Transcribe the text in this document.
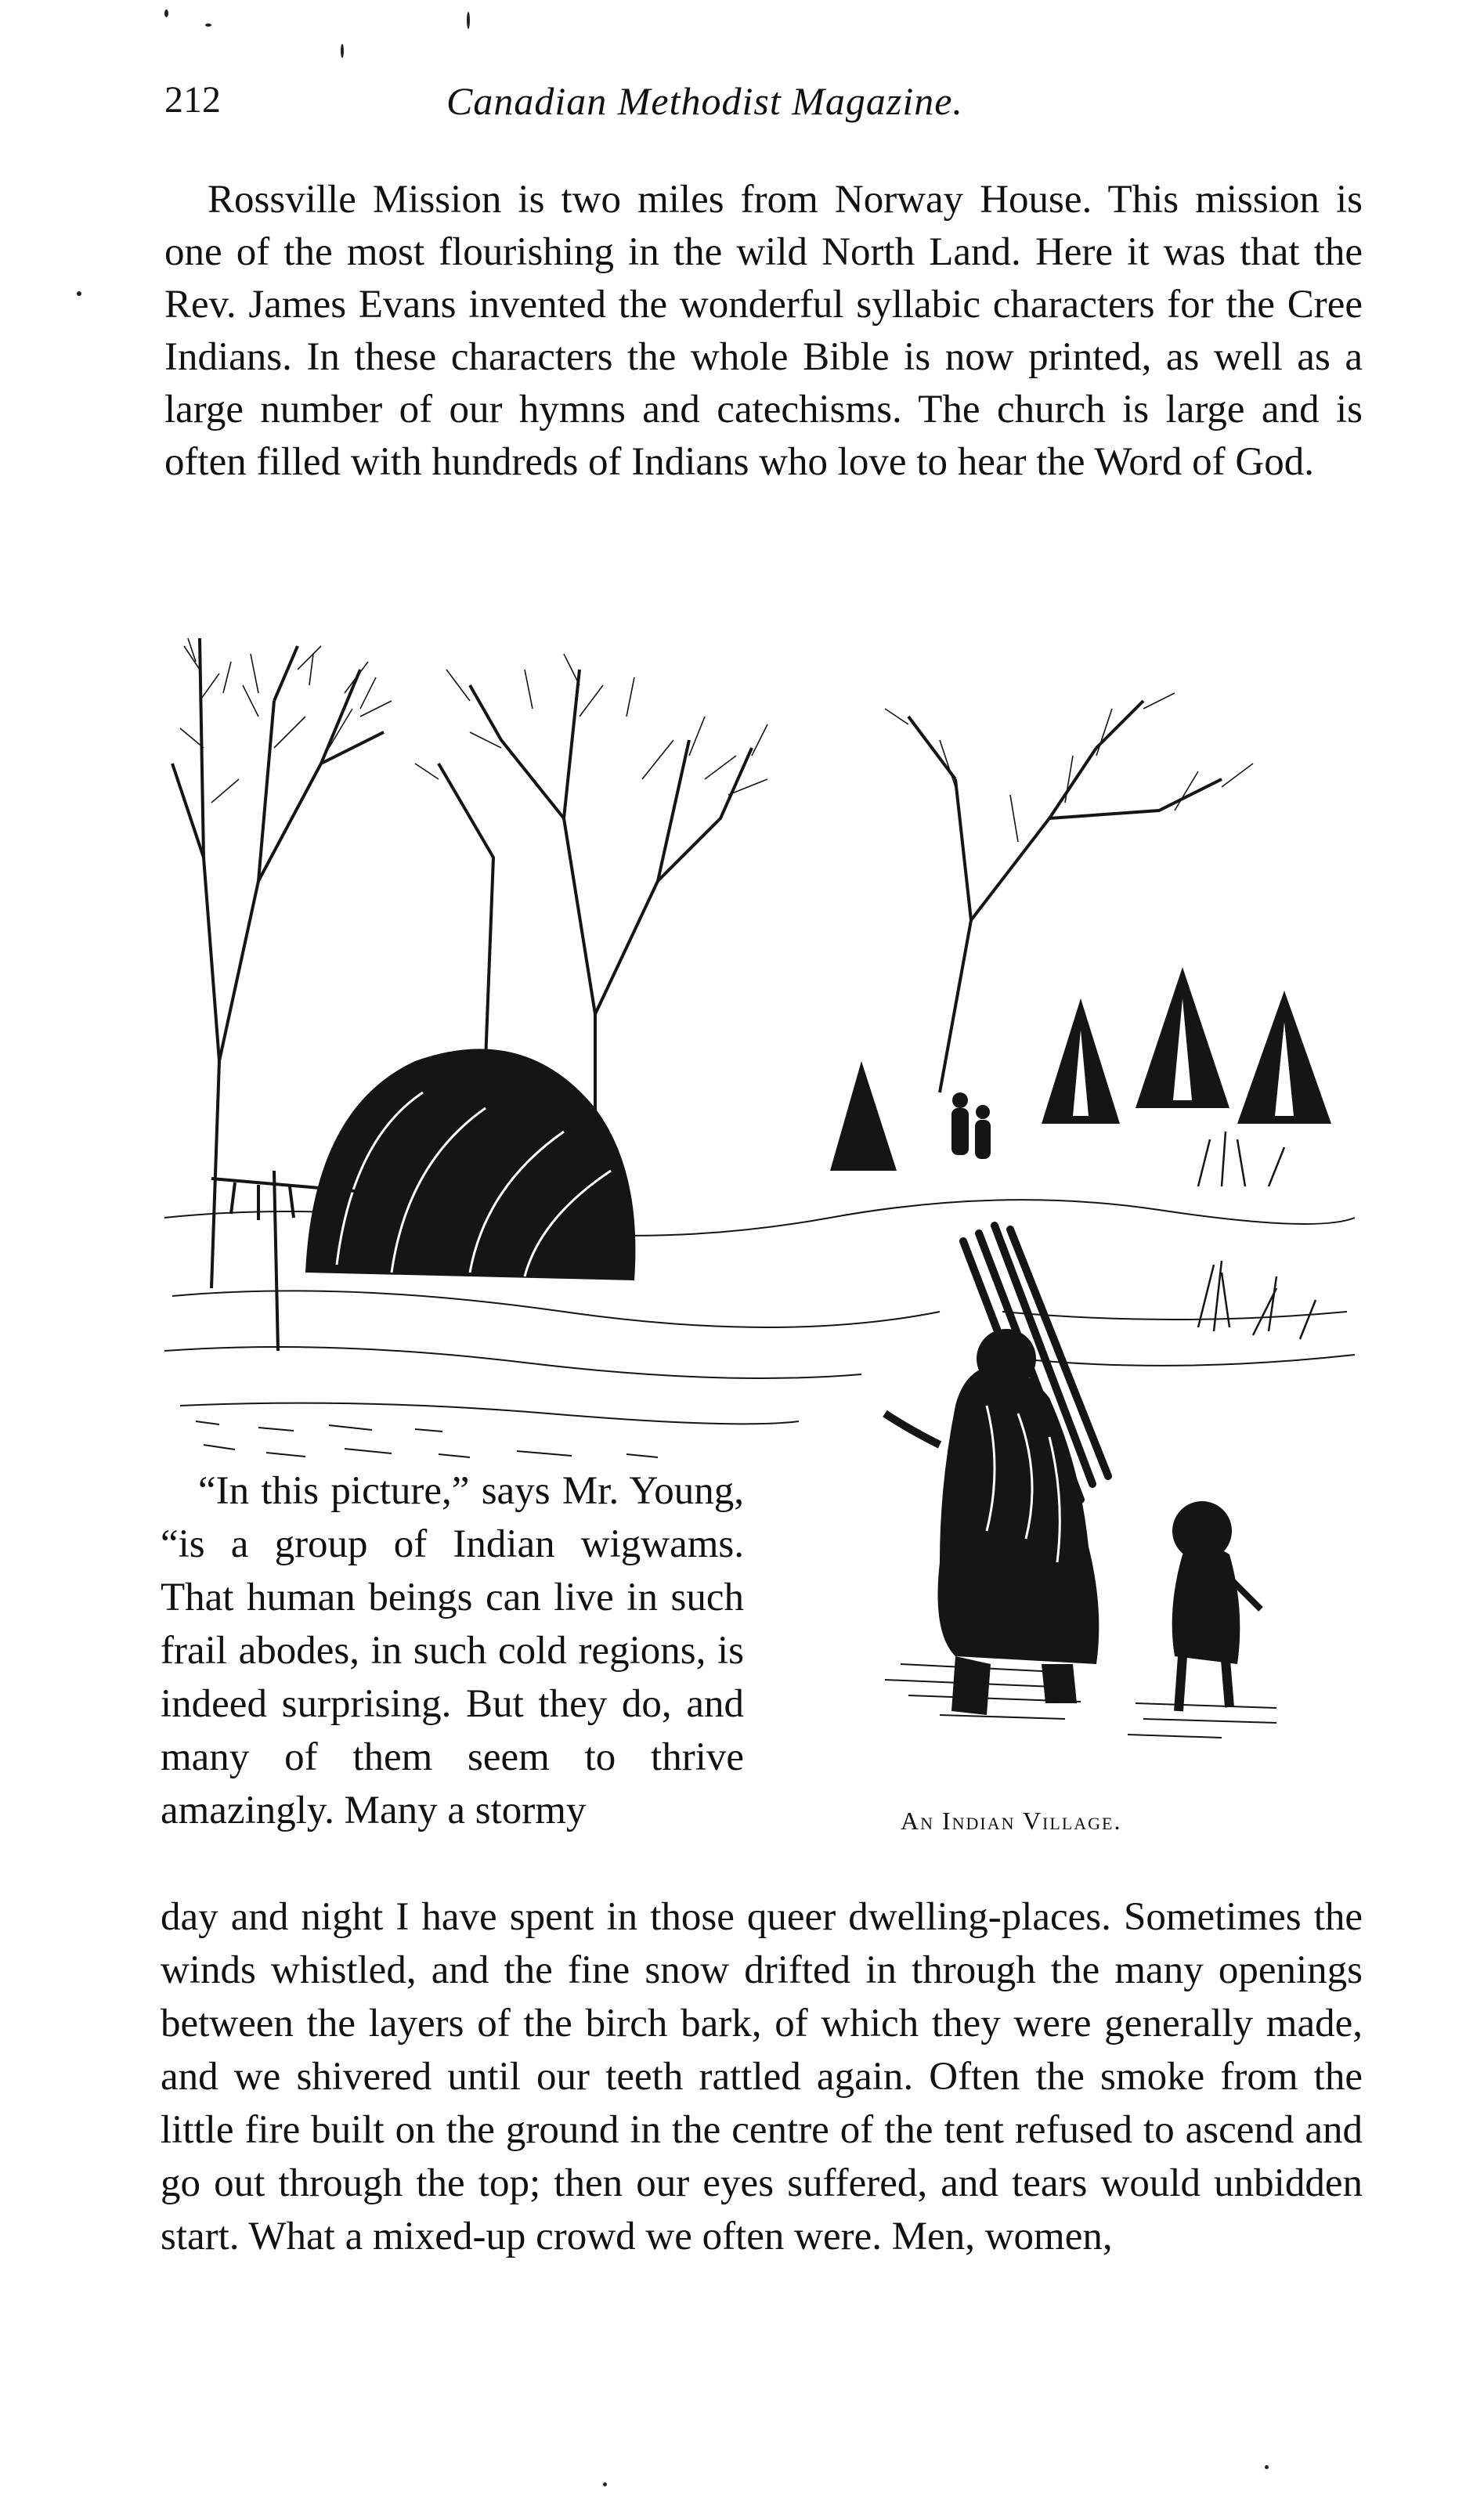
212	Canadian Methodist Magazine.

Rossville Mission is two miles from Norway House. This mission is one of the most flourishing in the wild North Land. Here it was that the Rev. James Evans invented the wonderful syllabic characters for the Cree Indians. In these characters the whole Bible is now printed, as well as a large number of our hymns and catechisms. The church is large and is often filled with hundreds of Indians who love to hear the Word of God.

An Indian Village.

“In this picture,” says Mr. Young, “is a group of Indian wigwams. That human beings can live in such frail abodes, in such cold regions, is indeed surprising. But they do, and many of them seem to thrive amazingly. Many a stormy

day and night I have spent in those queer dwelling-places. Sometimes the winds whistled, and the fine snow drifted in through the many openings between the layers of the birch bark, of which they were generally made, and we shivered until our teeth rattled again. Often the smoke from the little fire built on the ground in the centre of the tent refused to ascend and go out through the top; then our eyes suffered, and tears would unbidden start. What a mixed-up crowd we often were. Men, women,
